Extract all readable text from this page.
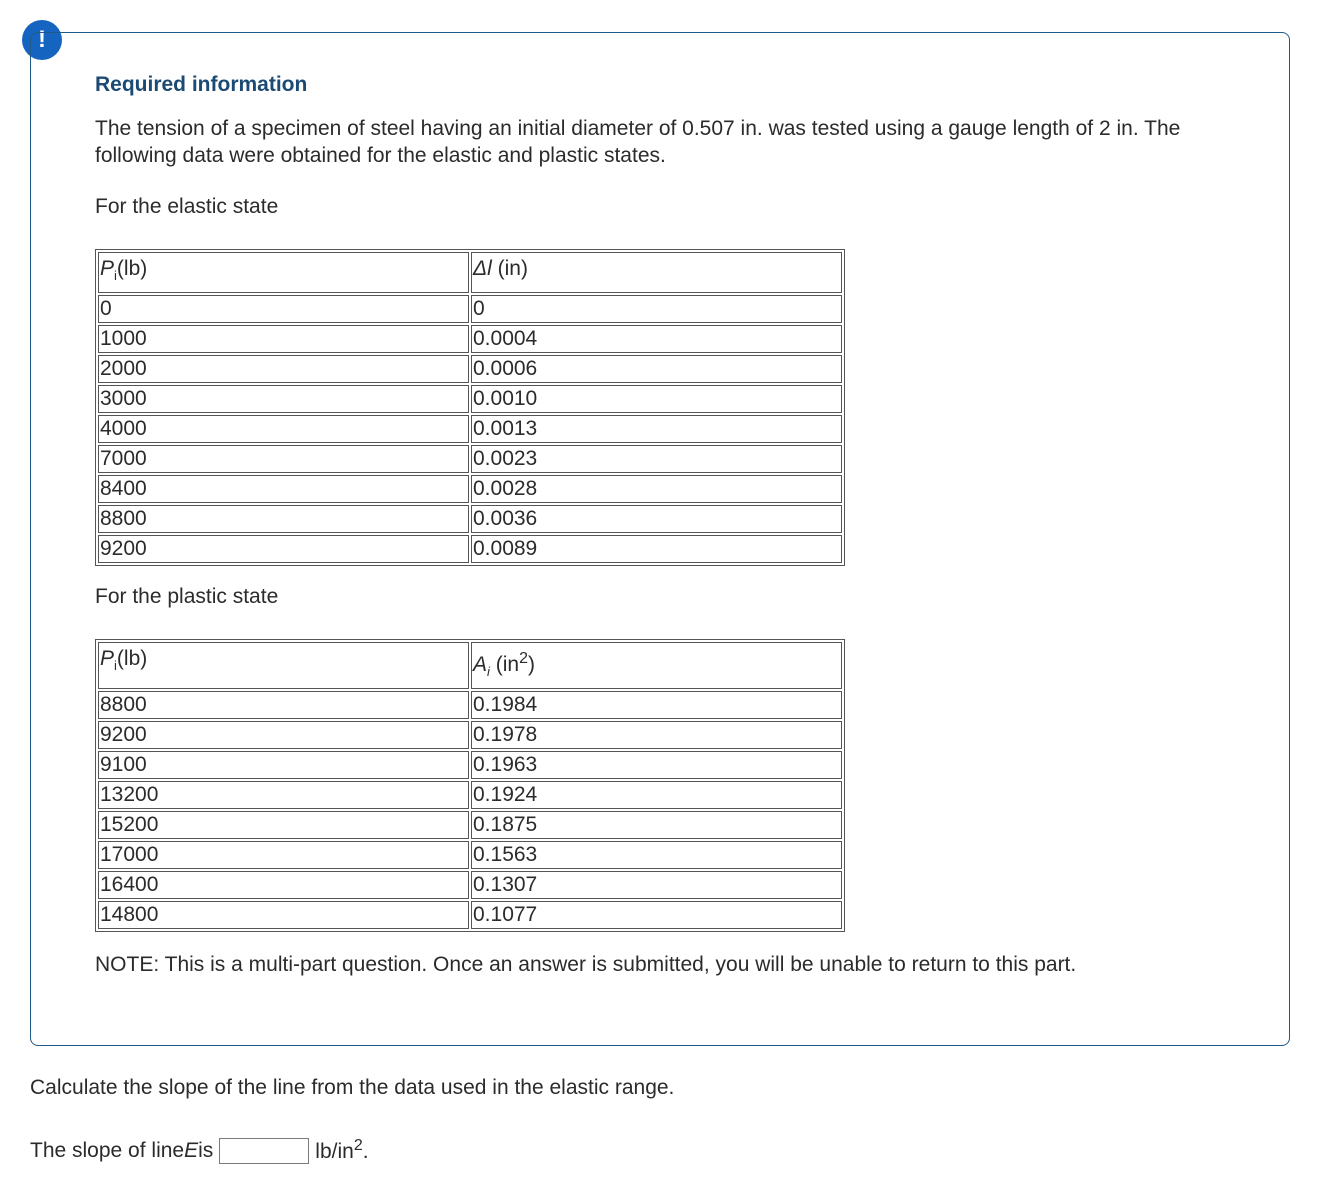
!
Required information

The tension of a specimen of steel having an initial diameter of 0.507 in. was tested using a gauge length of 2 in. The following data were obtained for the elastic and plastic states.

For the elastic state

$P_i(lb)$	Δl (in)
0	0
1000	0.0004
2000	0.0006
3000	0.0010
4000	0.0013
7000	0.0023
8400	0.0028
8800	0.0036
9200	0.0089

For the plastic state

$P_i(lb)$	$A_i$ $(in^2)$
8800	0.1984
9200	0.1978
9100	0.1963
13200	0.1924
15200	0.1875
17000	0.1563
16400	0.1307
14800	0.1077

NOTE: This is a multi-part question. Once an answer is submitted, you will be unable to return to this part.

Calculate the slope of the line from the data used in the elastic range.

The slope of line E is	$lb/in^2$.
